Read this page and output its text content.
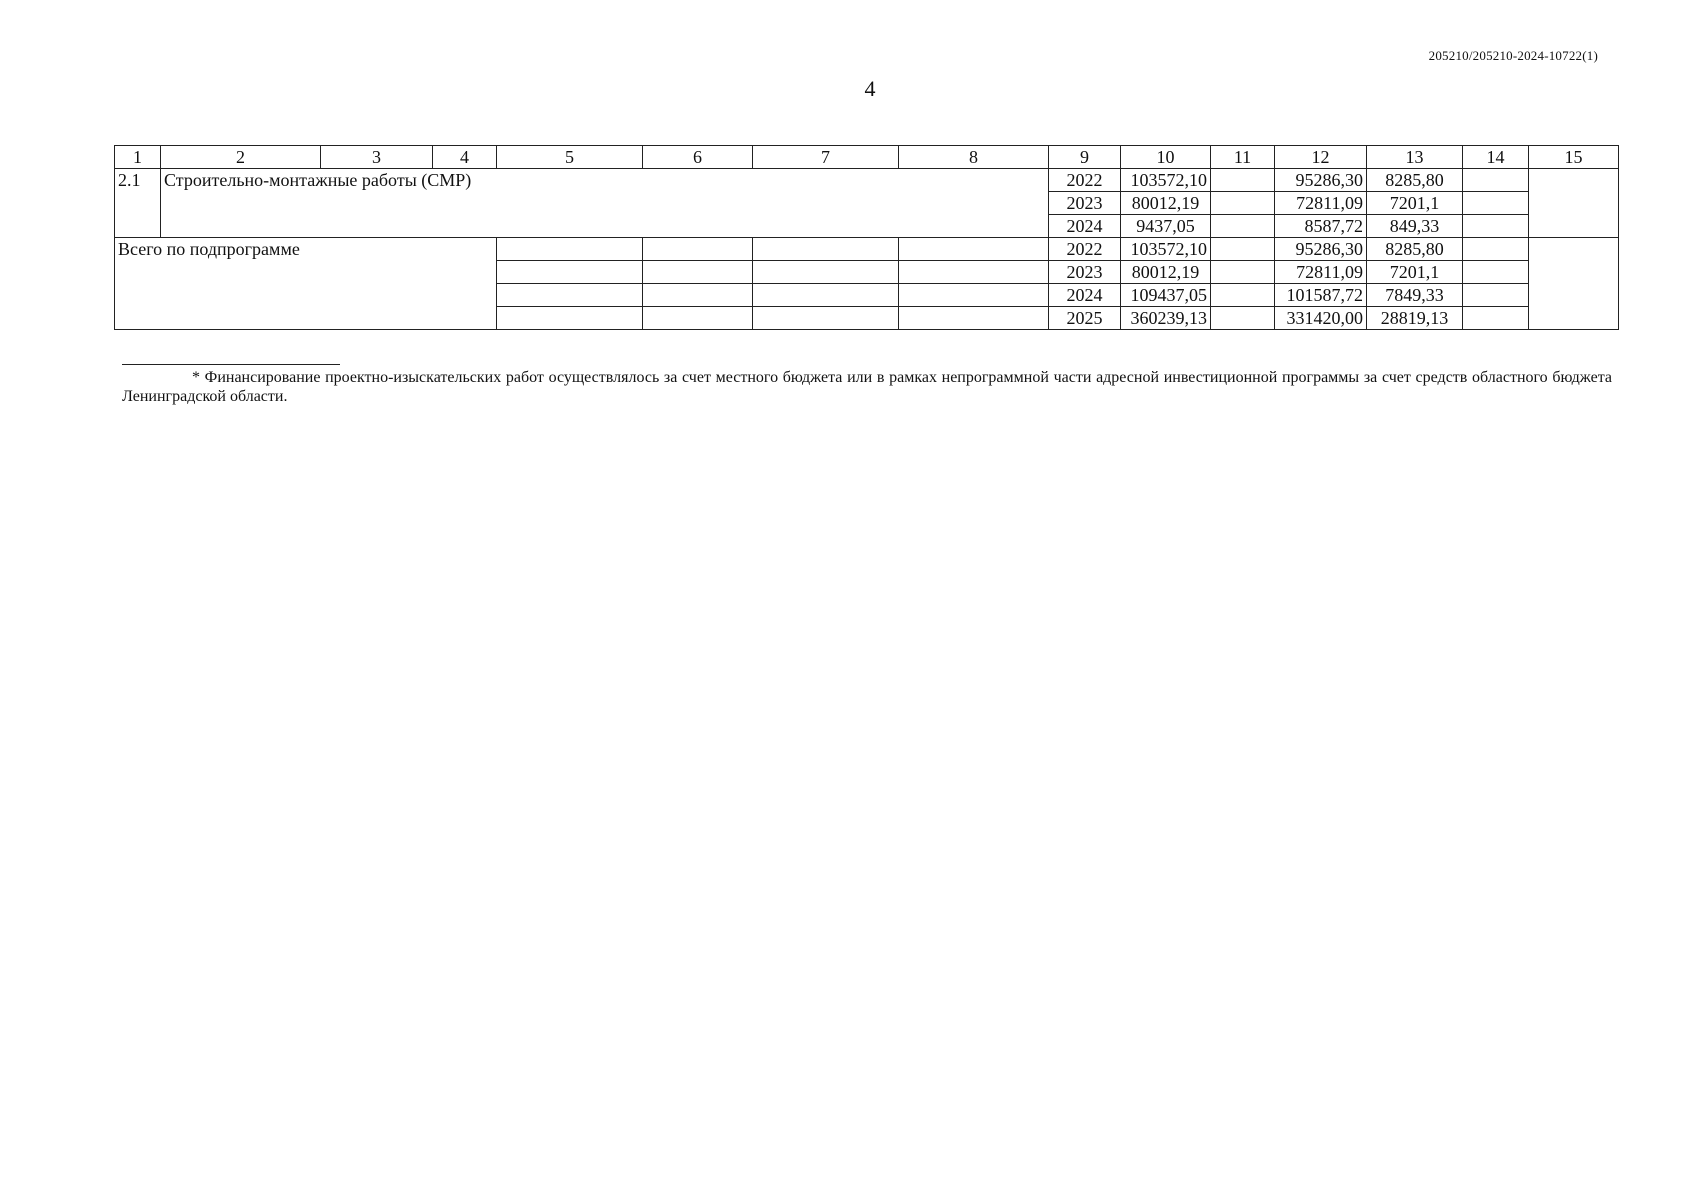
205210/205210-2024-10722(1)
4
1	2	3	4	5	6	7	8	9	10	11	12	13	14	15
2.1	Строительно-монтажные работы (СМР)							2022	103572,10		95286,30	8285,80		
								2023	80012,19		72811,09	7201,1		
								2024	9437,05		8587,72	849,33		
Всего по подпрограмме								2022	103572,10		95286,30	8285,80		
								2023	80012,19		72811,09	7201,1		
								2024	109437,05		101587,72	7849,33		
								2025	360239,13		331420,00	28819,13		
* Финансирование проектно-изыскательских работ осуществлялось за счет местного бюджета или в рамках непрограммной части адресной инвестиционной программы за счет средств областного бюджета Ленинградской области.
